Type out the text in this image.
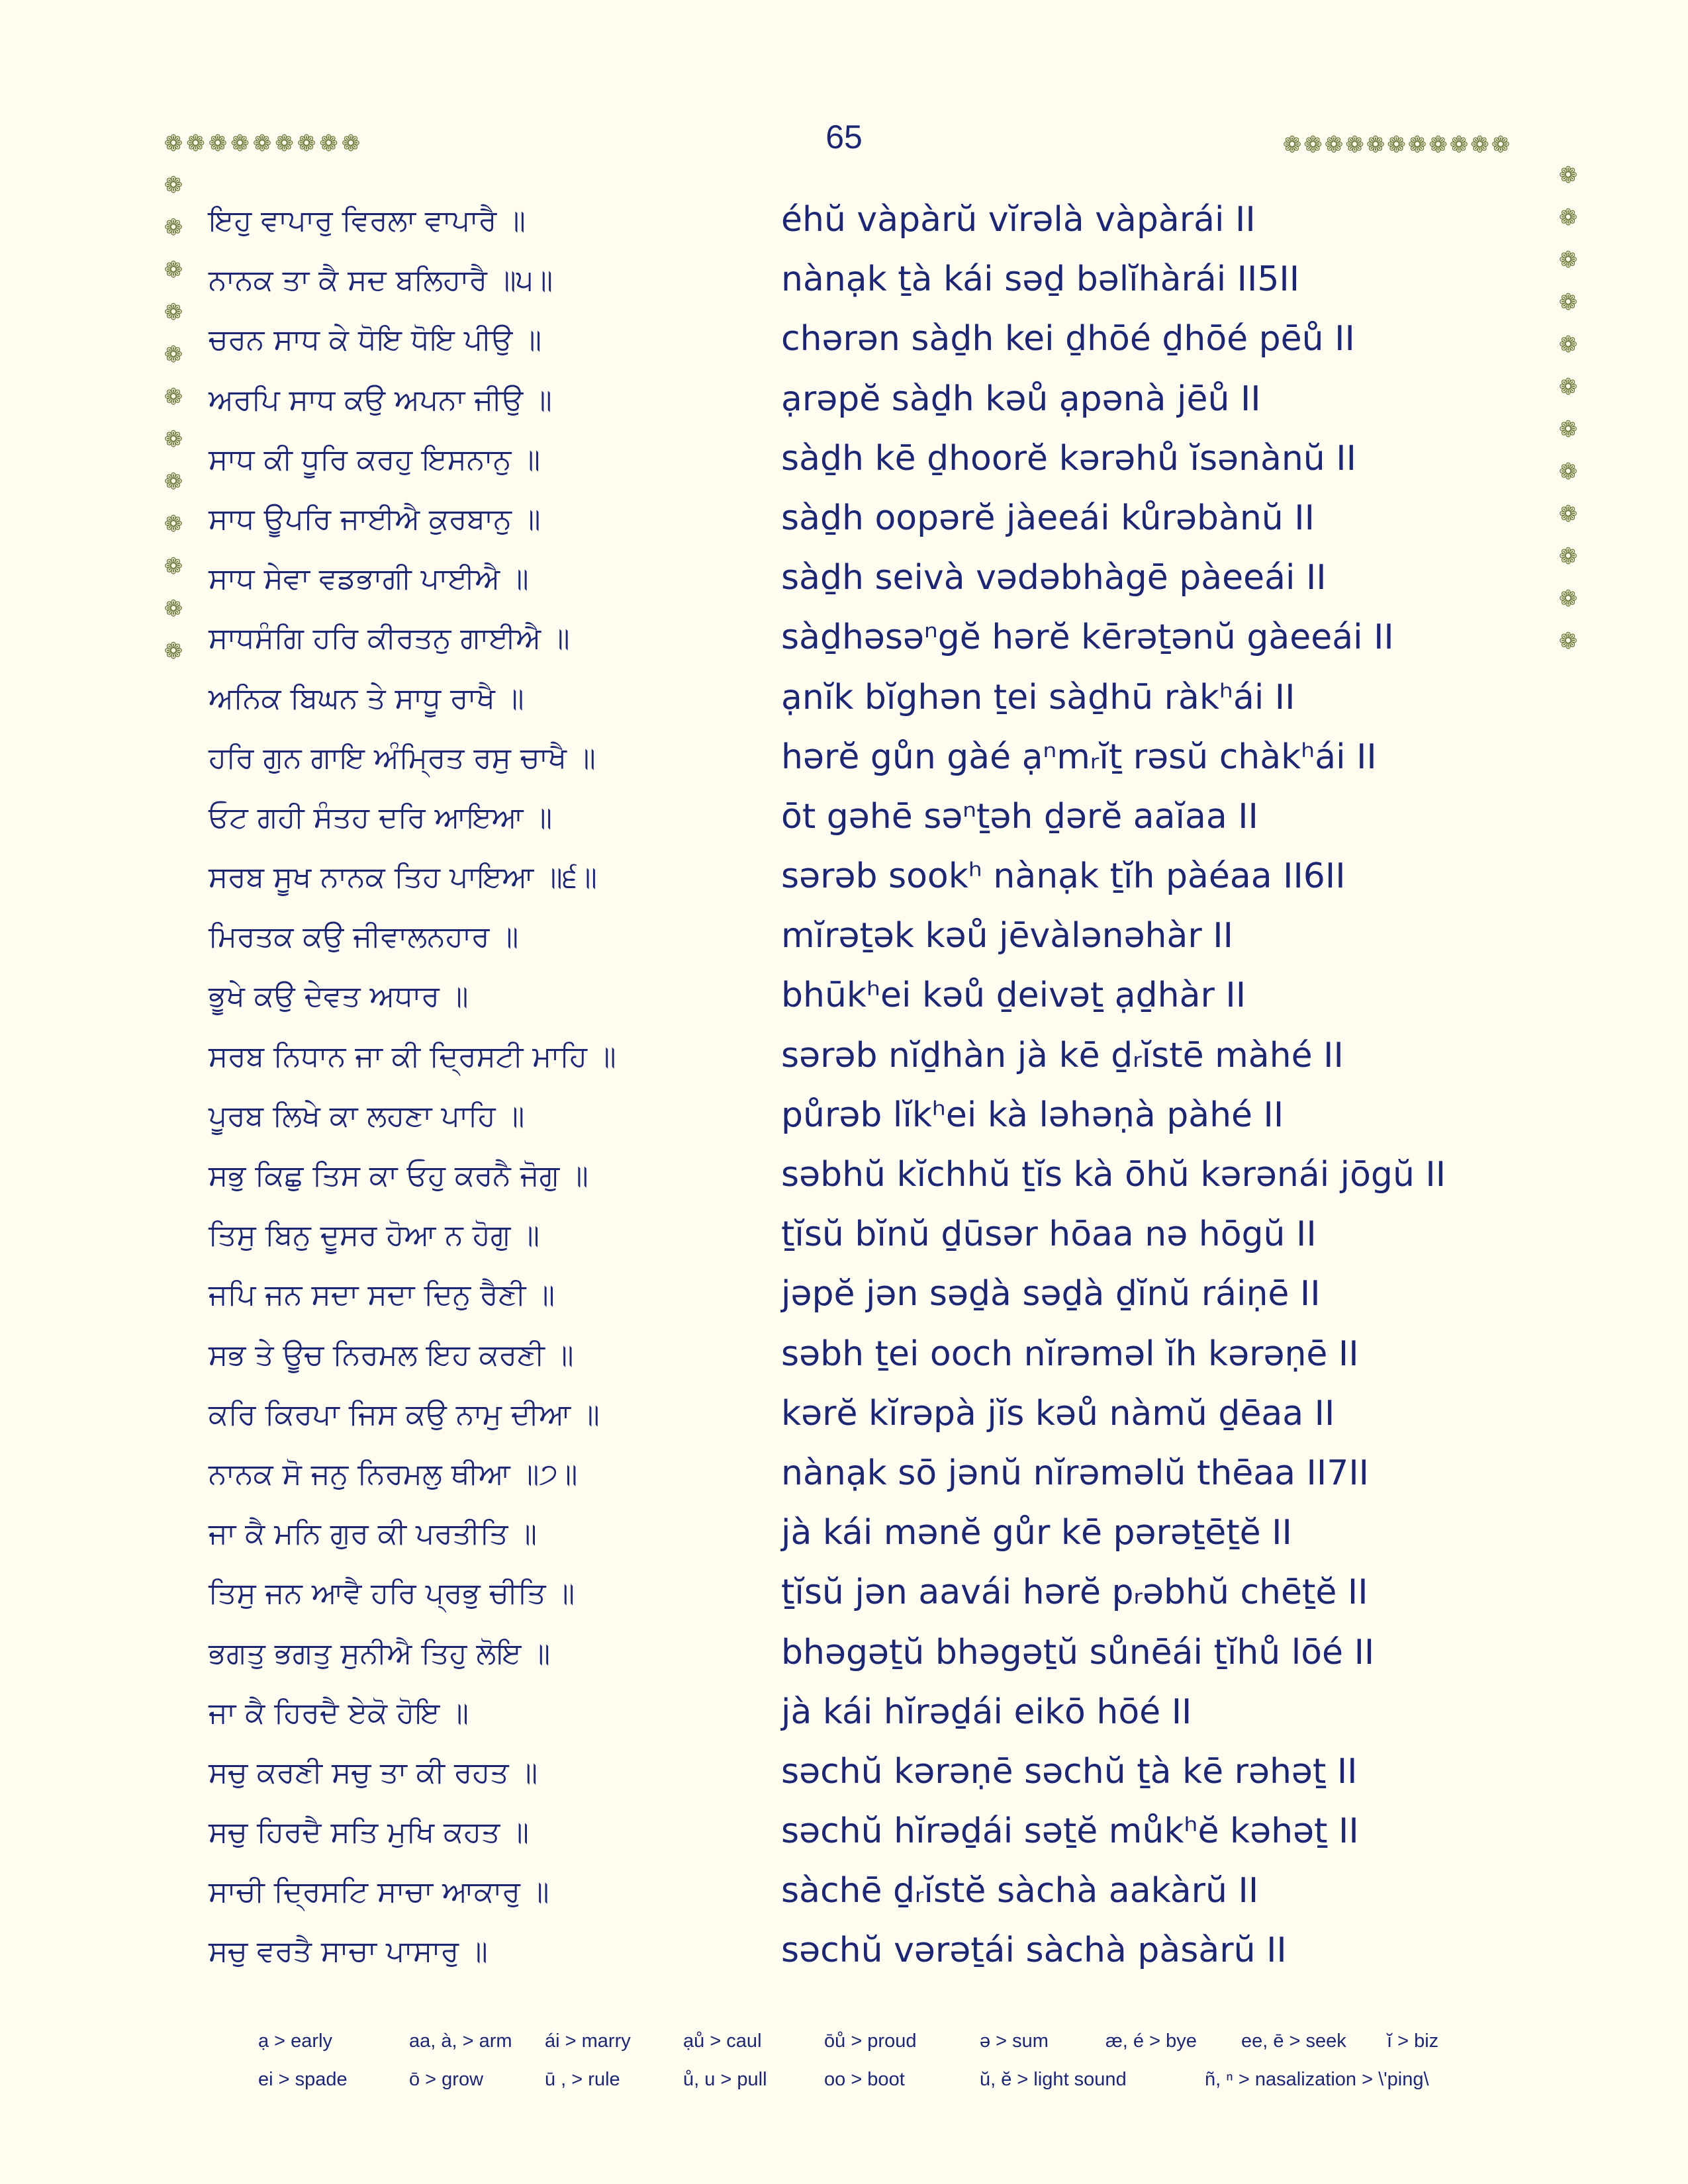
65
❁ ❁ ❁ ❁ ❁ ❁ ❁ ❁ ❁	❁ ❁ ❁ ❁ ❁ ❁ ❁ ❁ ❁ ❁ ❁
❁
❁
❁
❁
❁
❁
❁
❁
❁
❁
❁
❁
❁
❁
❁
❁
❁
❁
❁
❁
❁
❁
❁
❁
ਇਹੁ ਵਾਪਾਰੁ ਵਿਰਲਾ ਵਾਪਾਰੈ ॥	éhŭ vàpàrŭ vĭrəlà vàpàrái II
ਨਾਨਕ ਤਾ ਕੈ ਸਦ ਬਲਿਹਾਰੈ ॥੫॥	nànạk ṯà kái səḏ bəlĭhàrái II5II
ਚਰਨ ਸਾਧ ਕੇ ਧੋਇ ਧੋਇ ਪੀਉ ॥	chərən sàḏh kei ḏhōé ḏhōé pēů II
ਅਰਪਿ ਸਾਧ ਕਉ ਅਪਨਾ ਜੀਉ ॥	ạrəpĕ sàḏh kəů ạpənà jēů II
ਸਾਧ ਕੀ ਧੂਰਿ ਕਰਹੁ ਇਸਨਾਨੁ ॥	sàḏh kē ḏhoorĕ kərəhů ĭsənànŭ II
ਸਾਧ ਊਪਰਿ ਜਾਈਐ ਕੁਰਬਾਨੁ ॥	sàḏh oopərĕ jàeeái kůrəbànŭ II
ਸਾਧ ਸੇਵਾ ਵਡਭਾਗੀ ਪਾਈਐ ॥	sàḏh seivà vədəbhàgē pàeeái II
ਸਾਧਸੰਗਿ ਹਰਿ ਕੀਰਤਨੁ ਗਾਈਐ ॥	sàḏhəsəⁿgĕ hərĕ kērəṯənŭ gàeeái II
ਅਨਿਕ ਬਿਘਨ ਤੇ ਸਾਧੂ ਰਾਖੈ ॥	ạnĭk bĭghən ṯei sàḏhū ràkʰái II
ਹਰਿ ਗੁਨ ਗਾਇ ਅੰਮ੍ਰਿਤ ਰਸੁ ਚਾਖੈ ॥	hərĕ gůn gàé ạⁿmᵣĭṯ rəsŭ chàkʰái II
ਓਟ ਗਹੀ ਸੰਤਹ ਦਰਿ ਆਇਆ ॥	ōt gəhē səⁿṯəh ḏərĕ aaĭaa II
ਸਰਬ ਸੂਖ ਨਾਨਕ ਤਿਹ ਪਾਇਆ ॥੬॥	sərəb sookʰ nànạk ṯĭh pàéaa II6II
ਮਿਰਤਕ ਕਉ ਜੀਵਾਲਨਹਾਰ ॥	mĭrəṯək kəů jēvàlənəhàr II
ਭੂਖੇ ਕਉ ਦੇਵਤ ਅਧਾਰ ॥	bhūkʰei kəů ḏeivəṯ ạḏhàr II
ਸਰਬ ਨਿਧਾਨ ਜਾ ਕੀ ਦ੍ਰਿਸਟੀ ਮਾਹਿ ॥	sərəb nĭḏhàn jà kē ḏᵣĭstē màhé II
ਪੂਰਬ ਲਿਖੇ ਕਾ ਲਹਣਾ ਪਾਹਿ ॥	půrəb lĭkʰei kà ləhəṇà pàhé II
ਸਭੁ ਕਿਛੁ ਤਿਸ ਕਾ ਓਹੁ ਕਰਨੈ ਜੋਗੁ ॥	səbhŭ kĭchhŭ ṯĭs kà ōhŭ kərənái jōgŭ II
ਤਿਸੁ ਬਿਨੁ ਦੂਸਰ ਹੋਆ ਨ ਹੋਗੁ ॥	ṯĭsŭ bĭnŭ ḏūsər hōaa nə hōgŭ II
ਜਪਿ ਜਨ ਸਦਾ ਸਦਾ ਦਿਨੁ ਰੈਣੀ ॥	jəpĕ jən səḏà səḏà ḏĭnŭ ráiṇē II
ਸਭ ਤੇ ਊਚ ਨਿਰਮਲ ਇਹ ਕਰਣੀ ॥	səbh ṯei ooch nĭrəməl ĭh kərəṇē II
ਕਰਿ ਕਿਰਪਾ ਜਿਸ ਕਉ ਨਾਮੁ ਦੀਆ ॥	kərĕ kĭrəpà jĭs kəů nàmŭ ḏēaa II
ਨਾਨਕ ਸੋ ਜਨੁ ਨਿਰਮਲੁ ਥੀਆ ॥੭॥	nànạk sō jənŭ nĭrəməlŭ thēaa II7II
ਜਾ ਕੈ ਮਨਿ ਗੁਰ ਕੀ ਪਰਤੀਤਿ ॥	jà kái mənĕ gůr kē pərəṯēṯĕ II
ਤਿਸੁ ਜਨ ਆਵੈ ਹਰਿ ਪ੍ਰਭੁ ਚੀਤਿ ॥	ṯĭsŭ jən aavái hərĕ pᵣəbhŭ chēṯĕ II
ਭਗਤੁ ਭਗਤੁ ਸੁਨੀਐ ਤਿਹੁ ਲੋਇ ॥	bhəgəṯŭ bhəgəṯŭ sůnēái ṯĭhů lōé II
ਜਾ ਕੈ ਹਿਰਦੈ ਏਕੋ ਹੋਇ ॥	jà kái hĭrəḏái eikō hōé II
ਸਚੁ ਕਰਣੀ ਸਚੁ ਤਾ ਕੀ ਰਹਤ ॥	səchŭ kərəṇē səchŭ ṯà kē rəhəṯ II
ਸਚੁ ਹਿਰਦੈ ਸਤਿ ਮੁਖਿ ਕਹਤ ॥	səchŭ hĭrəḏái səṯĕ můkʰĕ kəhəṯ II
ਸਾਚੀ ਦ੍ਰਿਸਟਿ ਸਾਚਾ ਆਕਾਰੁ ॥	sàchē ḏᵣĭstĕ sàchà aakàrŭ II
ਸਚੁ ਵਰਤੈ ਸਾਚਾ ਪਾਸਾਰੁ ॥	səchŭ vərəṯái sàchà pàsàrŭ II
ạ > early	aa, à, > arm ái > marry	ạů > caul	ōů > proud	ə > sum	æ, é > bye ee, ē > seek ĭ > biz
ei > spade	ō > grow	ū , > rule	ů, u > pull	oo > boot	ŭ, ĕ > light sound	ñ, ⁿ > nasalization > \'ping\
